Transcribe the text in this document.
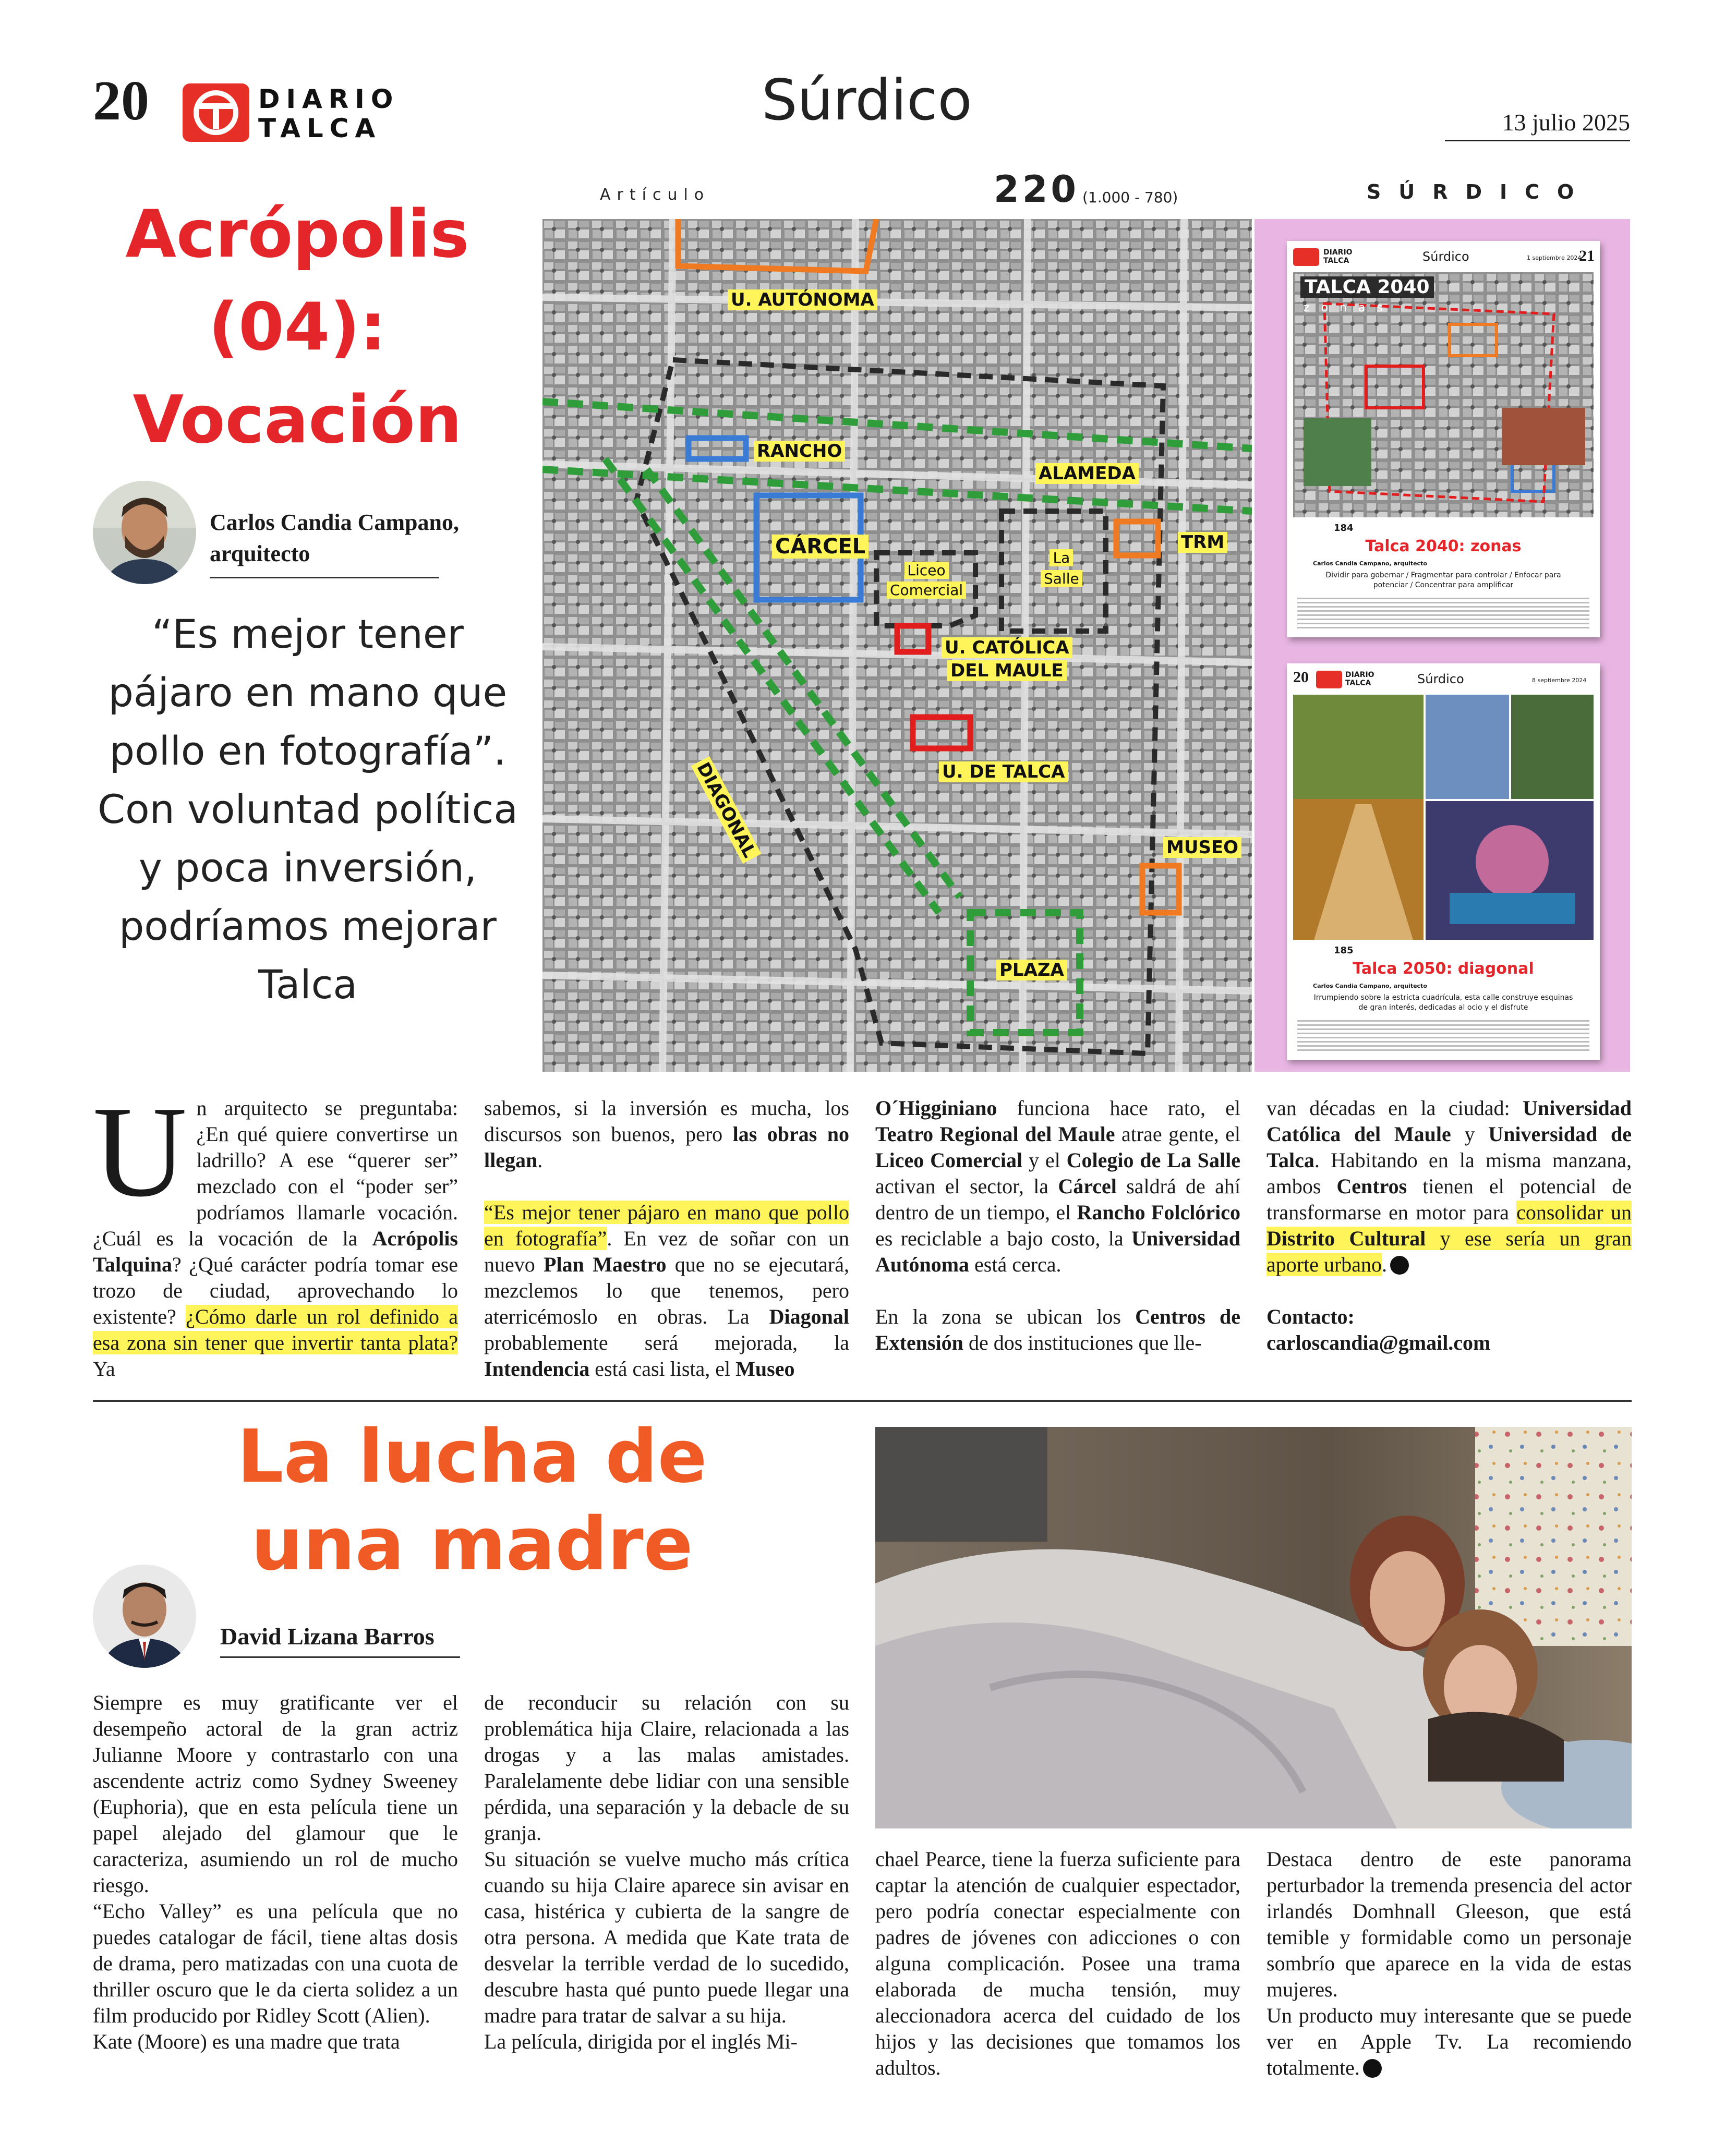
20	DIARIO
TALCA	Súrdico	13 julio 2025
Acrópolis
(04):
Vocación
Carlos Candia Campano,
arquitecto
“Es mejor tener pájaro en mano que pollo en fotografía”. Con voluntad política y poca inversión, podríamos mejorar Talca
Artículo	220 (1.000 - 780)	SÚRDICO
U. AUTÓNOMA
RANCHO
ALAMEDA
CÁRCEL
Liceo
Comercial
La
Salle
TRM
U. CATÓLICA
DEL MAULE
DIAGONAL	U. DE TALCA
MUSEO
PLAZA
DIARIO
TALCA	Súrdico	1 septiembre 2024
21
TALCA 2040
zonas
184
Talca 2040: zonas
Carlos Candia Campano, arquitecto
Dividir para gobernar / Fragmentar para controlar / Enfocar para potenciar / Concentrar para amplificar
20	DIARIO
TALCA	Súrdico	8 septiembre 2024
185
Talca 2050: diagonal
Carlos Candia Campano, arquitecto
Irrumpiendo sobre la estricta cuadrícula, esta calle construye esquinas de gran interés, dedicadas al ocio y el disfrute

Un arquitecto se preguntaba: ¿En qué quiere convertirse un ladrillo? A ese “querer ser” mezclado con el “poder ser” podríamos llamarle vocación. ¿Cuál es la vocación de la Acrópolis Talquina? ¿Qué carácter podría tomar ese trozo de ciudad, aprovechando lo existente? ¿Cómo darle un rol definido a esa zona sin tener que invertir tanta plata? Ya

sabemos, si la inversión es mucha, los discursos son buenos, pero las obras no llegan.

“Es mejor tener pájaro en mano que pollo en fotografía”. En vez de soñar con un nuevo Plan Maestro que no se ejecutará, mezclemos lo que tenemos, pero aterricémoslo en obras. La Diagonal probablemente será mejorada, la Intendencia está casi lista, el Museo

O´Higginiano funciona hace rato, el Teatro Regional del Maule atrae gente, el Liceo Comercial y el Colegio de La Salle activan el sector, la Cárcel saldrá de ahí dentro de un tiempo, el Rancho Folclórico es reciclable a bajo costo, la Universidad Autónoma está cerca.

En la zona se ubican los Centros de Extensión de dos instituciones que lle-

van décadas en la ciudad: Universidad Católica del Maule y Universidad de Talca. Habitando en la misma manzana, ambos Centros tienen el potencial de transformarse en motor para consolidar un Distrito Cultural y ese sería un gran aporte urbano.

Contacto:

carloscandia@gmail.com

La lucha de
una madre
David Lizana Barros

Siempre es muy gratificante ver el desempeño actoral de la gran actriz Julianne Moore y contrastarlo con una ascendente actriz como Sydney Sweeney (Euphoria), que en esta película tiene un papel alejado del glamour que le caracteriza, asumiendo un rol de mucho riesgo.

“Echo Valley” es una película que no puedes catalogar de fácil, tiene altas dosis de drama, pero matizadas con una cuota de thriller oscuro que le da cierta solidez a un film producido por Ridley Scott (Alien).

Kate (Moore) es una madre que trata

de reconducir su relación con su problemática hija Claire, relacionada a las drogas y a las malas amistades. Paralelamente debe lidiar con una sensible pérdida, una separación y la debacle de su granja.

Su situación se vuelve mucho más crítica cuando su hija Claire aparece sin avisar en casa, histérica y cubierta de la sangre de otra persona. A medida que Kate trata de desvelar la terrible verdad de lo sucedido, descubre hasta qué punto puede llegar una madre para tratar de salvar a su hija.

La película, dirigida por el inglés Mi-

chael Pearce, tiene la fuerza suficiente para captar la atención de cualquier espectador, pero podría conectar especialmente con padres de jóvenes con adicciones o con alguna complicación. Posee una trama elaborada de mucha tensión, muy aleccionadora acerca del cuidado de los hijos y las decisiones que tomamos los adultos.

Destaca dentro de este panorama perturbador la tremenda presencia del actor irlandés Domhnall Gleeson, que está temible y formidable como un personaje sombrío que aparece en la vida de estas mujeres.

Un producto muy interesante que se puede ver en Apple Tv. La recomiendo totalmente.
